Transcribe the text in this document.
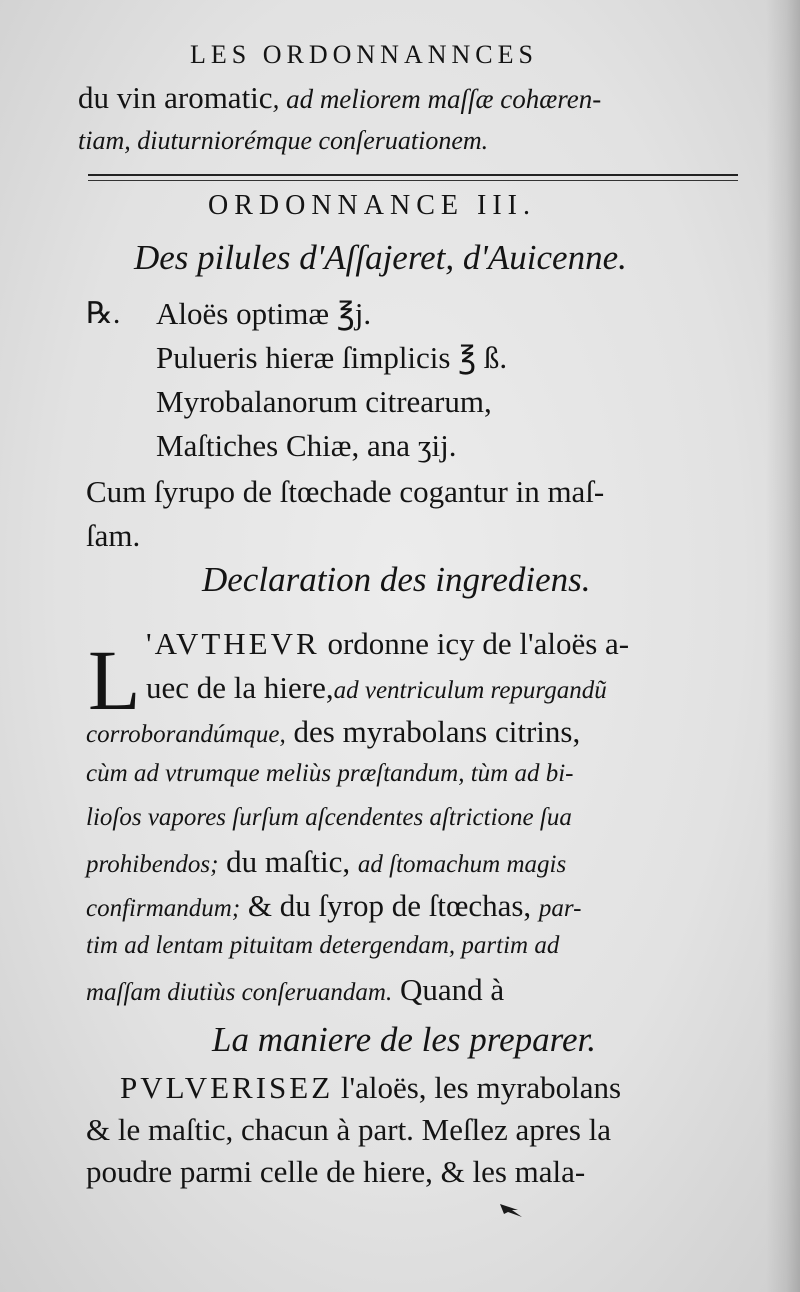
LES ORDONNANNCES
du vin aromatic, ad meliorem maſſæ cohæren-
tiam, diuturniorémque conſeruationem.
ORDONNANCE III.
Des pilules d'Aſſajeret, d'Auicenne.
℞. Aloës optimæ ℥j.
Pulueris hieræ ſimplicis ℥ ß.
Myrobalanorum citrearum,
Maſtiches Chiæ, ana ʒij.
Cum ſyrupo de ſtœchade cogantur in maſ-
ſam.
Declaration des ingrediens.
L 'AVTHEVR ordonne icy de l'aloës a-
uec de la hiere,ad ventriculum repurgandũ
corroborandúmque, des myrabolans citrins,
cùm ad vtrumque meliùs præſtandum, tùm ad bi-
lioſos vapores ſurſum aſcendentes aſtrictione ſua
prohibendos; du maſtic, ad ſtomachum magis
confirmandum; & du ſyrop de ſtœchas, par-
tim ad lentam pituitam detergendam, partim ad
maſſam diutiùs conſeruandam. Quand à
La maniere de les preparer.
PVLVERISEZ l'aloës, les myrabolans
& le maſtic, chacun à part. Meſlez apres la
poudre parmi celle de hiere, & les mala-
